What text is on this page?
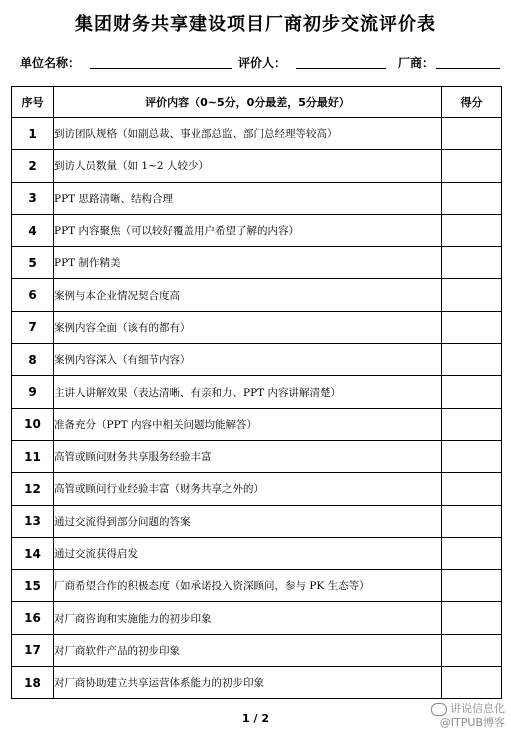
集团财务共享建设项目厂商初步交流评价表
单位名称：	评价人：	厂商：
序号	评价内容（0~5分，0分最差，5分最好）	得分
1	到访团队规格（如副总裁、事业部总监、部门总经理等较高）	
2	到访人员数量（如 1~2 人较少）	
3	PPT 思路清晰、结构合理	
4	PPT 内容聚焦（可以较好覆盖用户希望了解的内容）	
5	PPT 制作精美	
6	案例与本企业情况契合度高	
7	案例内容全面（该有的都有）	
8	案例内容深入（有细节内容）	
9	主讲人讲解效果（表达清晰、有亲和力、PPT 内容讲解清楚）	
10	准备充分（PPT 内容中相关问题均能解答）	
11	高管或顾问财务共享服务经验丰富	
12	高管或顾问行业经验丰富（财务共享之外的）	
13	通过交流得到部分问题的答案	
14	通过交流获得启发	
15	厂商希望合作的积极态度（如承诺投入资深顾问，参与 PK 生态等）	
16	对厂商咨询和实施能力的初步印象	
17	对厂商软件产品的初步印象	
18	对厂商协助建立共享运营体系能力的初步印象	
1 / 2
讲说信息化
@ITPUB博客
